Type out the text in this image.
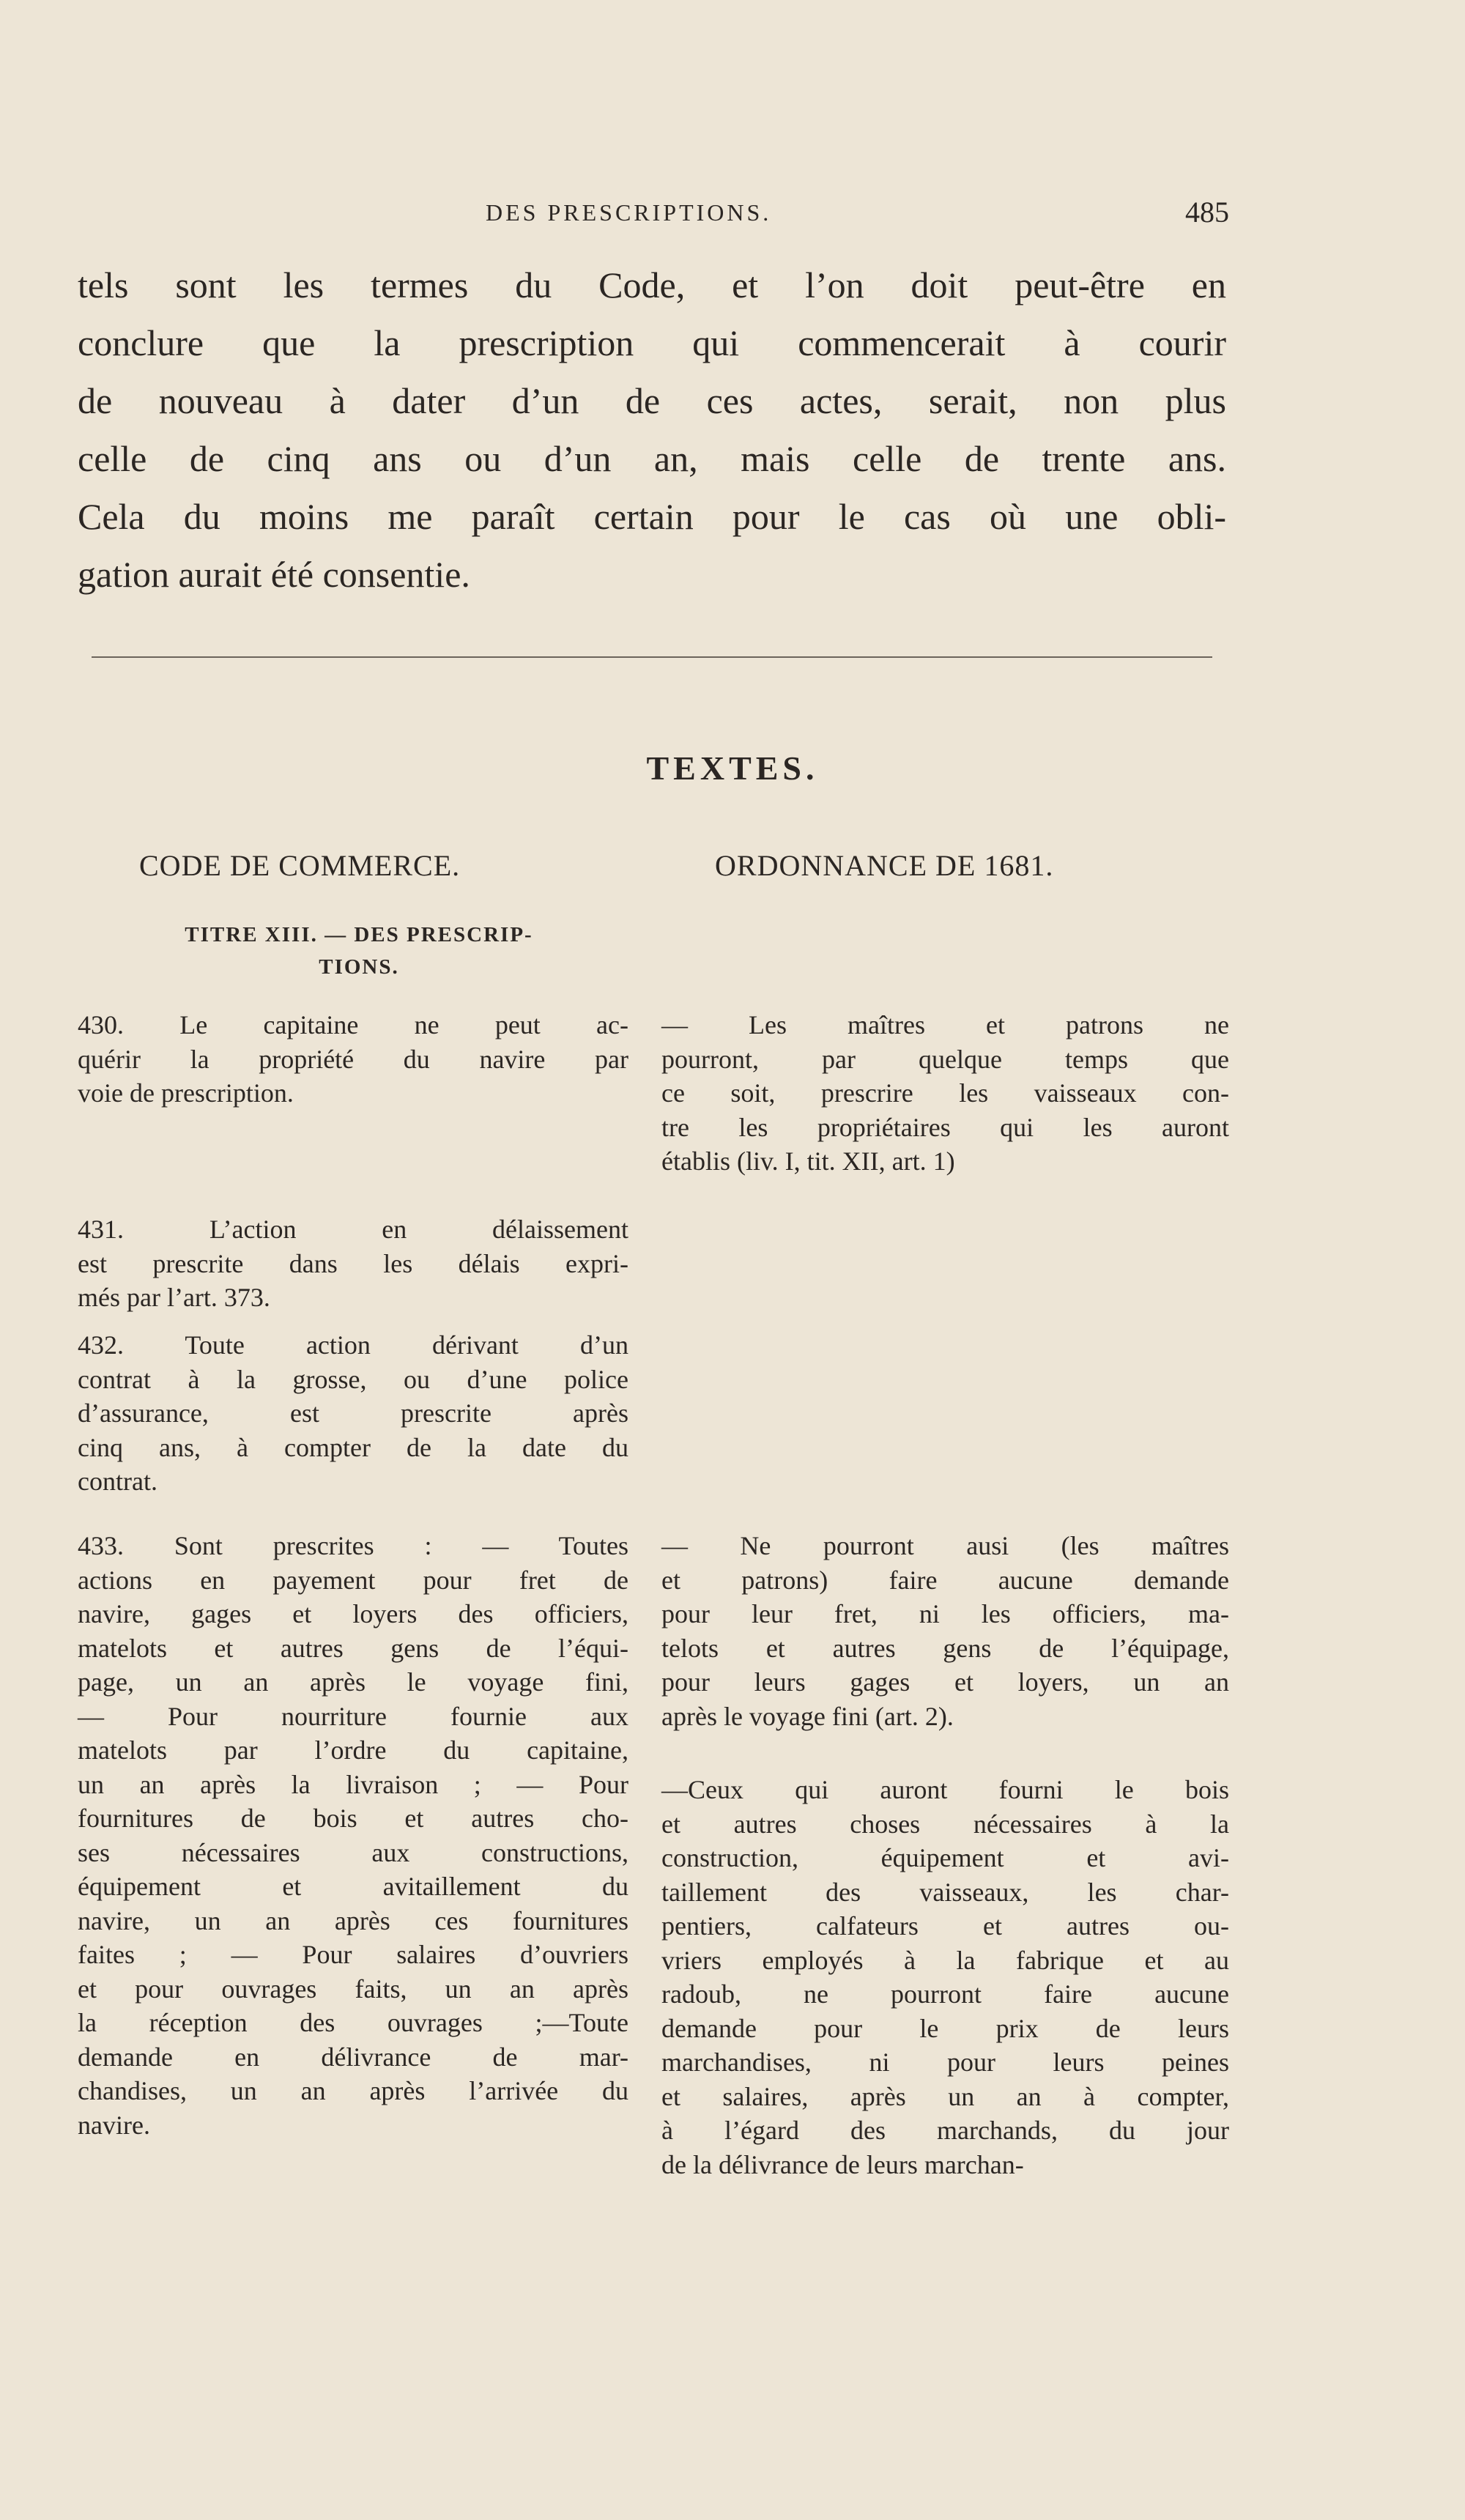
DES PRESCRIPTIONS.	485
tels sont les termes du Code, et l’on doit peut-être en
conclure que la prescription qui commencerait à courir
de nouveau à dater d’un de ces actes, serait, non plus
celle de cinq ans ou d’un an, mais celle de trente ans.
Cela du moins me paraît certain pour le cas où une obli-
gation aurait été consentie.
TEXTES.
CODE DE COMMERCE.	ORDONNANCE DE 1681.
TITRE XIII. — DES PRESCRIP-
TIONS.
430. Le capitaine ne peut ac-
quérir la propriété du navire par
voie de prescription.
431. L’action en délaissement
est prescrite dans les délais expri-
més par l’art. 373.
432. Toute action dérivant d’un
contrat à la grosse, ou d’une police
d’assurance, est prescrite après
cinq ans, à compter de la date du
contrat.
433. Sont prescrites : — Toutes
actions en payement pour fret de
navire, gages et loyers des officiers,
matelots et autres gens de l’équi-
page, un an après le voyage fini,
— Pour nourriture fournie aux
matelots par l’ordre du capitaine,
un an après la livraison ; — Pour
fournitures de bois et autres cho-
ses nécessaires aux constructions,
équipement et avitaillement du
navire, un an après ces fournitures
faites ; — Pour salaires d’ouvriers
et pour ouvrages faits, un an après
la réception des ouvrages ;—Toute
demande en délivrance de mar-
chandises, un an après l’arrivée du
navire.
— Les maîtres et patrons ne
pourront, par quelque temps que
ce soit, prescrire les vaisseaux con-
tre les propriétaires qui les auront
établis (liv. I, tit. XII, art. 1)
— Ne pourront ausi (les maîtres
et patrons) faire aucune demande
pour leur fret, ni les officiers, ma-
telots et autres gens de l’équipage,
pour leurs gages et loyers, un an
après le voyage fini (art. 2).
—Ceux qui auront fourni le bois
et autres choses nécessaires à la
construction, équipement et avi-
taillement des vaisseaux, les char-
pentiers, calfateurs et autres ou-
vriers employés à la fabrique et au
radoub, ne pourront faire aucune
demande pour le prix de leurs
marchandises, ni pour leurs peines
et salaires, après un an à compter,
à l’égard des marchands, du jour
de la délivrance de leurs marchan-
